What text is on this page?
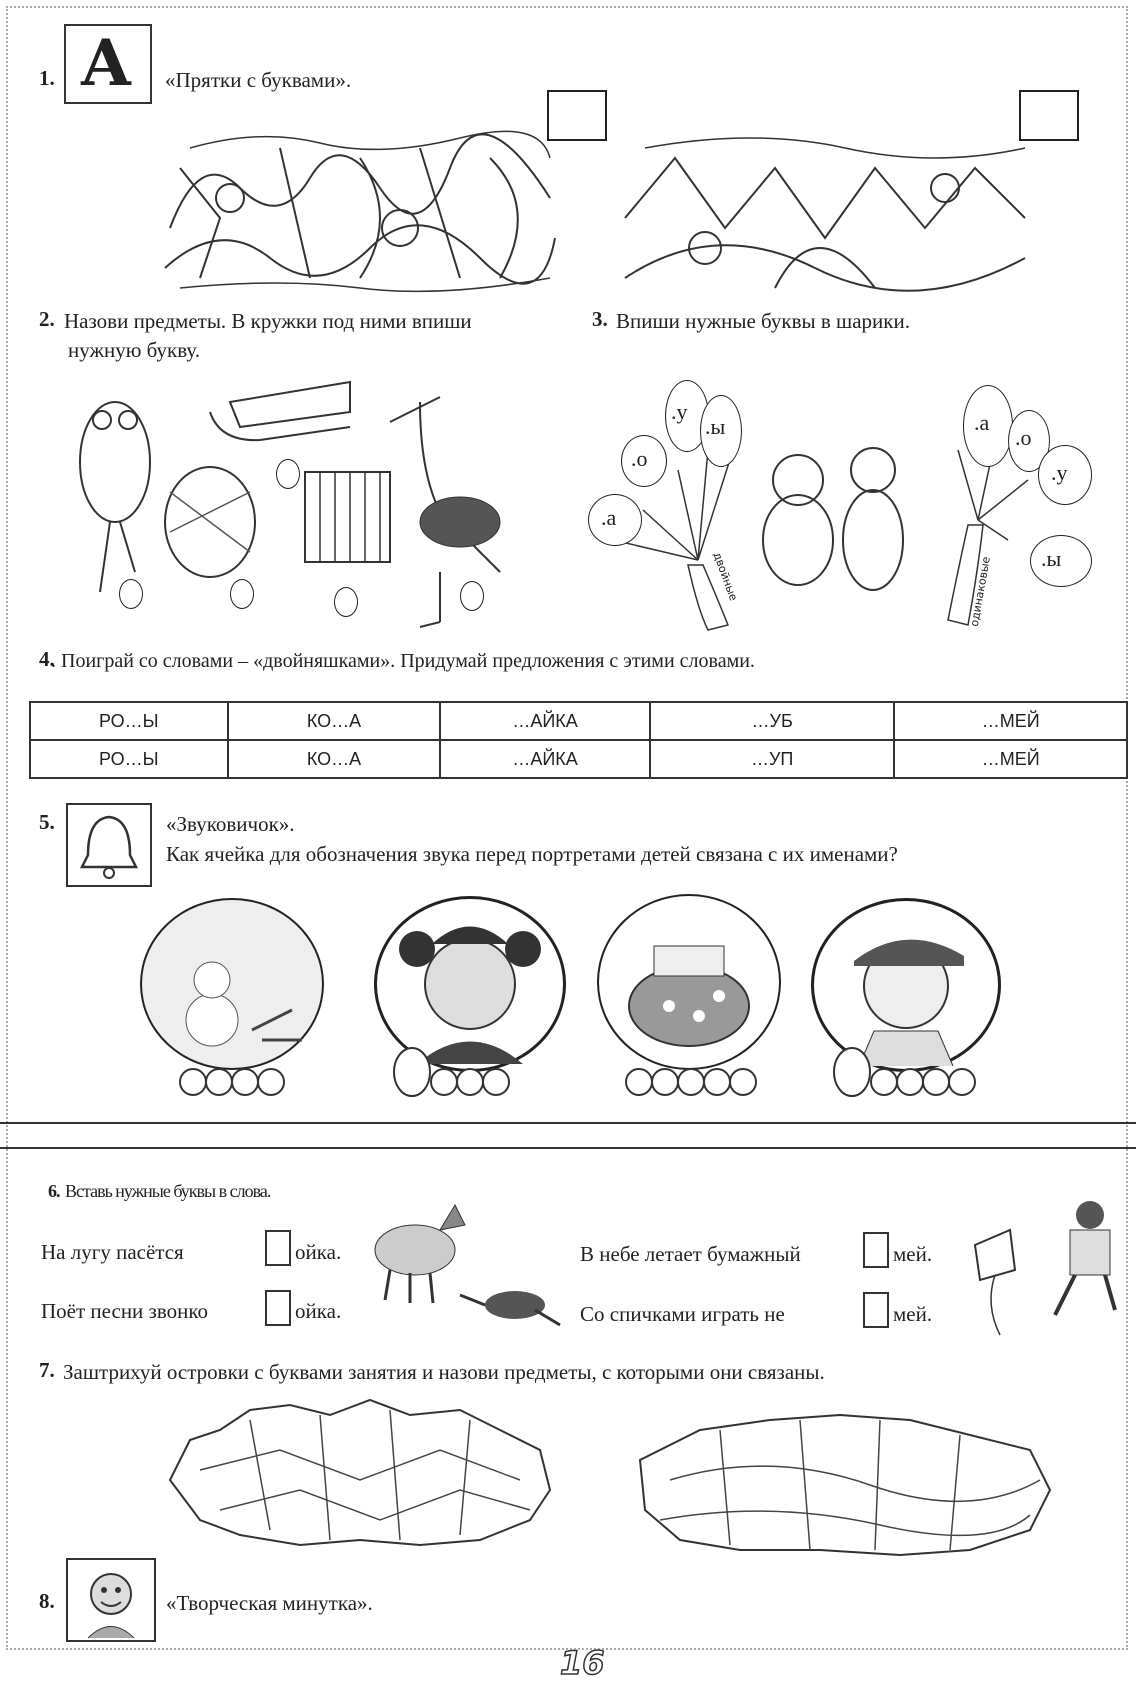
1. А «Прятки с буквами».
2. Назови предметы. В кружки под ними впиши
нужную букву.
3. Впиши нужные буквы в шарики.
.а
.о
.у
.ы	.а
.о
.у
.ы
двойные	одинаковые
4.
. Поиграй со словами – «двойняшками». Придумай предложения с этими словами.
РО…Ы	КО…А	…АЙКА	…УБ	…МЕЙ
РО…Ы	КО…А	…АЙКА	…УП	…МЕЙ
5.	«Звуковичок».
Как ячейка для обозначения звука перед портретами детей связана с их именами?
6. Вставь нужные буквы в слова.
На лугу пасётся	ойка.
Поёт песни звонко	ойка.
В небе летает бумажный	мей.
Со спичками играть не	мей.
7. Заштрихуй островки с буквами занятия и назови предметы, с которыми они связаны.
8.	«Творческая минутка».
16
